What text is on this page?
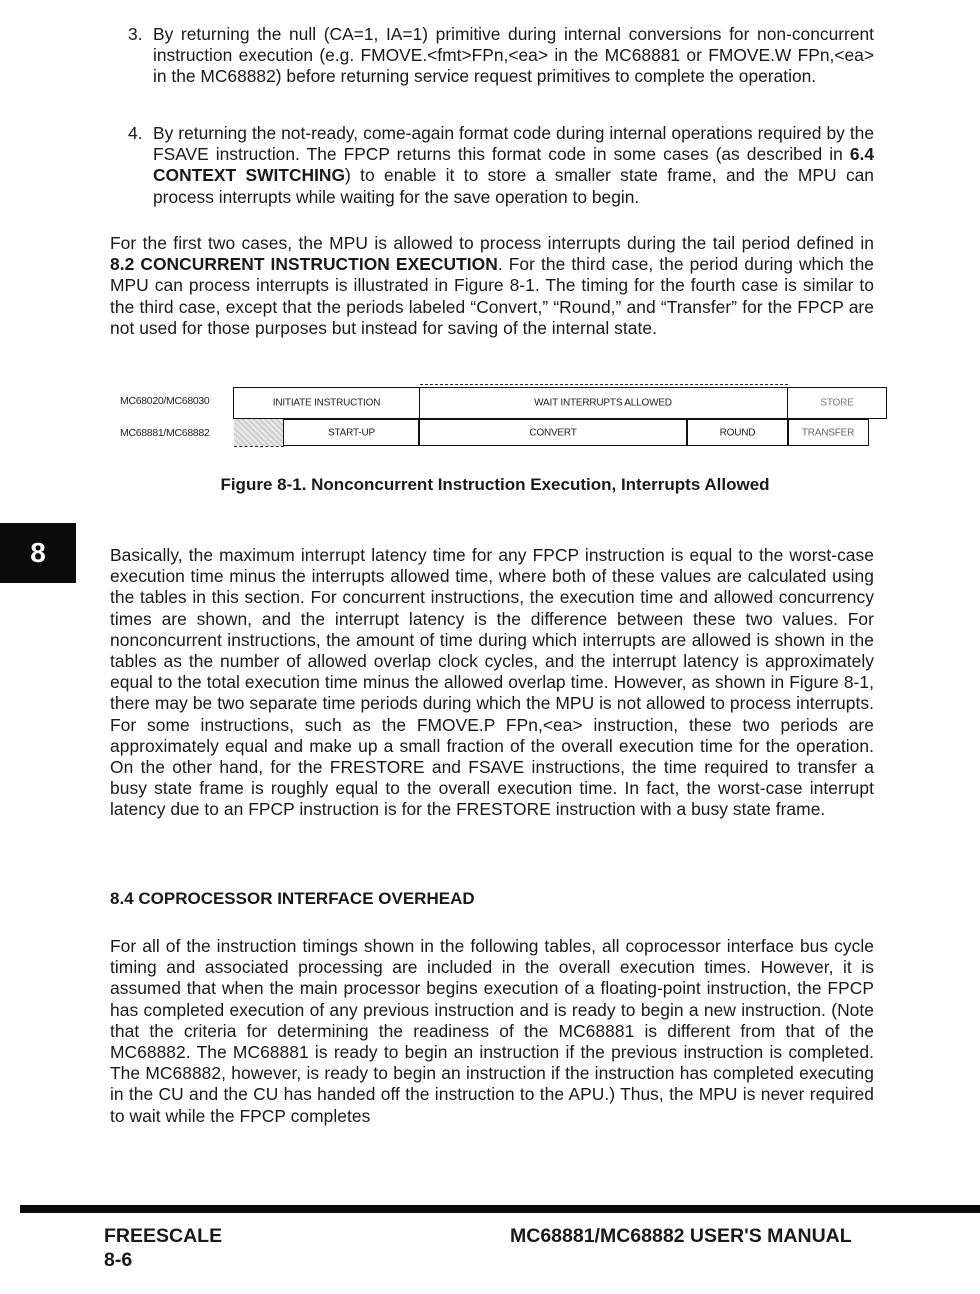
3. By returning the null (CA=1, IA=1) primitive during internal conversions for non-concurrent instruction execution (e.g. FMOVE.<fmt>FPn,<ea> in the MC68881 or FMOVE.W FPn,<ea> in the MC68882) before returning service request primitives to complete the operation.
4. By returning the not-ready, come-again format code during internal operations required by the FSAVE instruction. The FPCP returns this format code in some cases (as described in 6.4 CONTEXT SWITCHING) to enable it to store a smaller state frame, and the MPU can process interrupts while waiting for the save operation to begin.

For the first two cases, the MPU is allowed to process interrupts during the tail period defined in 8.2 CONCURRENT INSTRUCTION EXECUTION. For the third case, the period during which the MPU can process interrupts is illustrated in Figure 8-1. The timing for the fourth case is similar to the third case, except that the periods labeled “Convert,” “Round,” and “Transfer” for the FPCP are not used for those purposes but instead for saving of the internal state.

MC68020/MC68030
MC68881/MC68882
INITIATE INSTRUCTION	WAIT INTERRUPTS ALLOWED	STORE
START-UP	CONVERT	ROUND	TRANSFER
Figure 8-1. Nonconcurrent Instruction Execution, Interrupts Allowed
8	Basically, the maximum interrupt latency time for any FPCP instruction is equal to the worst-case execution time minus the interrupts allowed time, where both of these values are calculated using the tables in this section. For concurrent instructions, the execution time and allowed concurrency times are shown, and the interrupt latency is the difference between these two values. For nonconcurrent instructions, the amount of time during which interrupts are allowed is shown in the tables as the number of allowed overlap clock cycles, and the interrupt latency is approximately equal to the total execution time minus the allowed overlap time. However, as shown in Figure 8-1, there may be two separate time periods during which the MPU is not allowed to process interrupts. For some instructions, such as the FMOVE.P FPn,<ea> instruction, these two periods are approximately equal and make up a small fraction of the overall execution time for the operation. On the other hand, for the FRESTORE and FSAVE instructions, the time required to transfer a busy state frame is roughly equal to the overall execution time. In fact, the worst-case interrupt latency due to an FPCP instruction is for the FRESTORE instruction with a busy state frame.

8.4 COPROCESSOR INTERFACE OVERHEAD

For all of the instruction timings shown in the following tables, all coprocessor interface bus cycle timing and associated processing are included in the overall execution times. However, it is assumed that when the main processor begins execution of a floating-point instruction, the FPCP has completed execution of any previous instruction and is ready to begin a new instruction. (Note that the criteria for determining the readiness of the MC68881 is different from that of the MC68882. The MC68881 is ready to begin an instruction if the previous instruction is completed. The MC68882, however, is ready to begin an instruction if the instruction has completed executing in the CU and the CU has handed off the instruction to the APU.) Thus, the MPU is never required to wait while the FPCP completes

FREESCALE
8-6
MC68881/MC68882 USER'S MANUAL
